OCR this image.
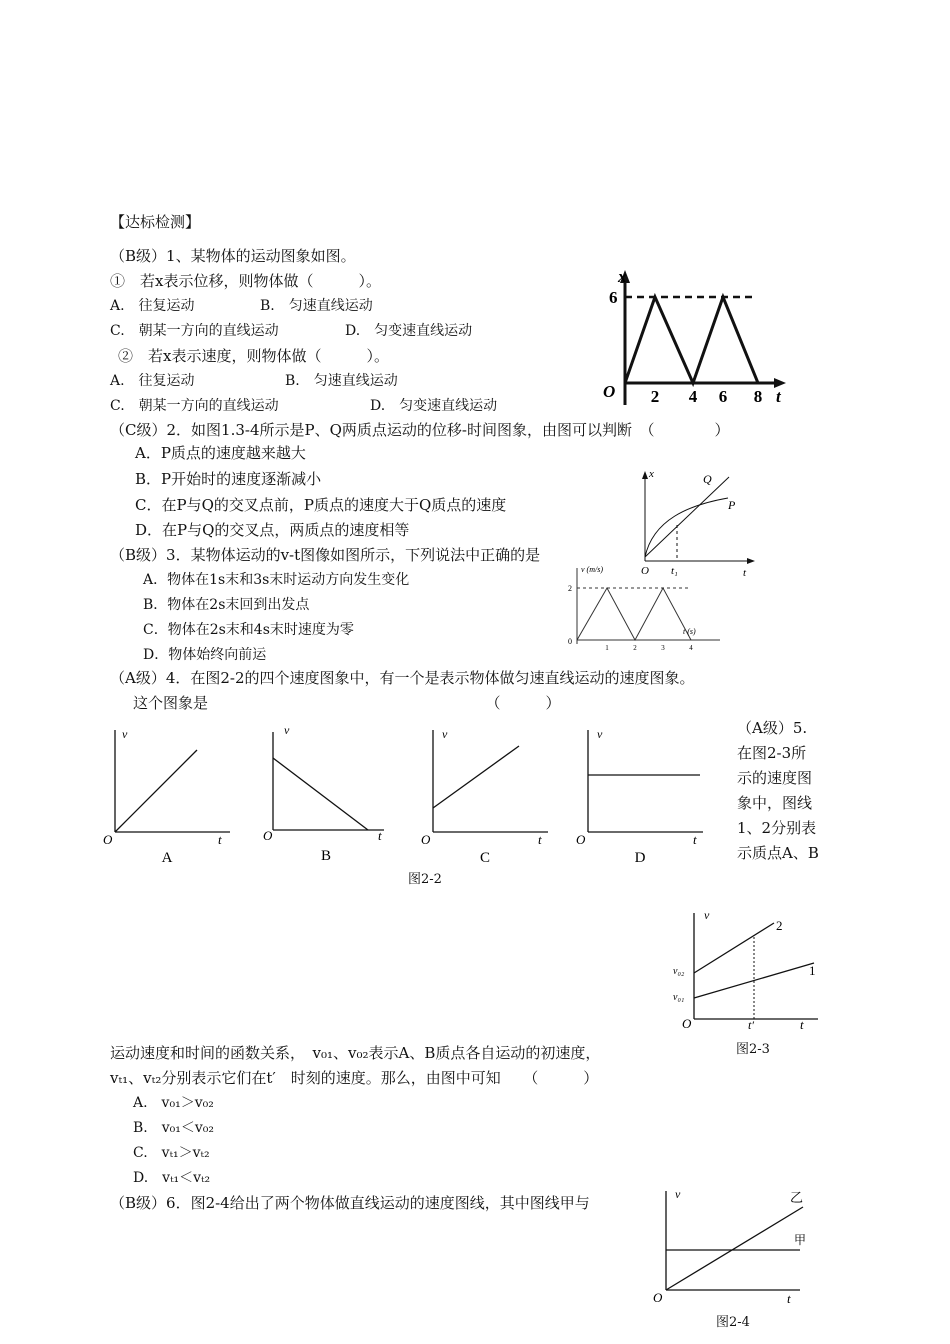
【达标检测】
（B级）1、某物体的运动图象如图。
①　若x表示位移，则物体做（　　　）。
A.　往复运动	B.　匀速直线运动
C.　朝某一方向的直线运动	D.　匀变速直线运动
②　若x表示速度，则物体做（　　　）。
A.　往复运动	B.　匀速直线运动
C.　朝某一方向的直线运动	D.　匀变速直线运动
x
6
O 2 4 6 8 t
（C级）2．如图1.3-4所示是P、Q两质点运动的位移-时间图象，由图可以判断　（　　　　）
A．P质点的速度越来越大
B．P开始时的速度逐渐减小
C．在P与Q的交叉点前，P质点的速度大于Q质点的速度
D．在P与Q的交叉点，两质点的速度相等
x	Q
P
O t₁	t
（B级）3．某物体运动的v-t图像如图所示，下列说法中正确的是
A．物体在1s末和3s末时运动方向发生变化
B．物体在2s末回到出发点
C．物体在2s末和4s末时速度为零
D．物体始终向前运
v (m/s)
2
0
1	2	3	4
t (s)
（A级）4．在图2-2的四个速度图象中，有一个是表示物体做匀速直线运动的速度图象。
这个图象是　　　　　　　　　　　　　　　　　　　（　　　）
v
O	t
A
v
O	t
B
v
O	t
C
v
O	t
D
图2-2
（A级）5.
在图2-3所
示的速度图
象中，图线
1、2分别表
示质点A、B
v
2
1
v₀₂
v₀₁
O	t′	t
图2-3
运动速度和时间的函数关系，　v₀₁、v₀₂表示A、B质点各自运动的初速度，
vₜ₁、vₜ₂分别表示它们在t′　时刻的速度。那么，由图中可知　　（　　　）
A.　v₀₁＞v₀₂
B.　v₀₁＜v₀₂
C.　vₜ₁＞vₜ₂
D.　vₜ₁＜vₜ₂
（B级）6．图2-4给出了两个物体做直线运动的速度图线，其中图线甲与	v	乙
甲
O	t
图2-4
